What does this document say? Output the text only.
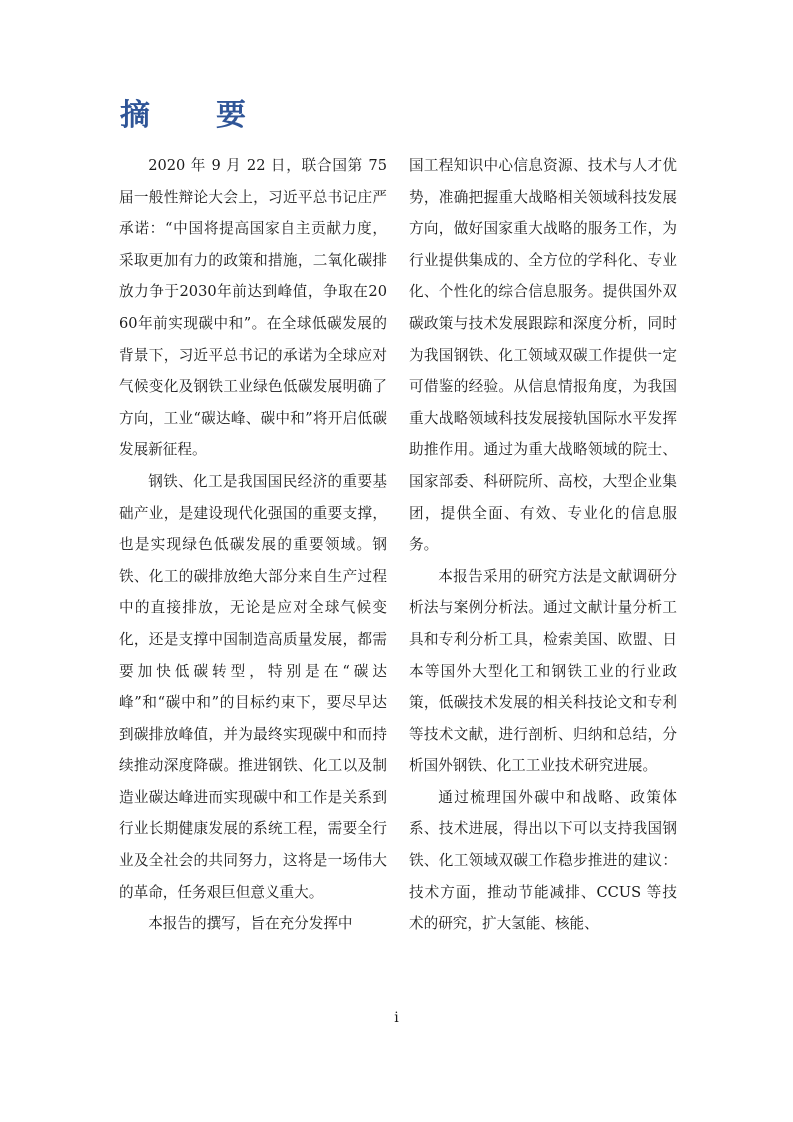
摘　要

2020 年 9 月 22 日，联合国第 75 届一般性辩论大会上，习近平总书记庄严承诺：“中国将提高国家自主贡献力度，采取更加有力的政策和措施，二氧化碳排放力争于2030年前达到峰值，争取在2060年前实现碳中和”。在全球低碳发展的背景下，习近平总书记的承诺为全球应对气候变化及钢铁工业绿色低碳发展明确了方向，工业“碳达峰、碳中和”将开启低碳发展新征程。

钢铁、化工是我国国民经济的重要基础产业，是建设现代化强国的重要支撑，也是实现绿色低碳发展的重要领域。钢铁、化工的碳排放绝大部分来自生产过程中的直接排放，无论是应对全球气候变化，还是支撑中国制造高质量发展，都需要加快低碳转型，特别是在“碳达峰”和“碳中和”的目标约束下，要尽早达到碳排放峰值，并为最终实现碳中和而持续推动深度降碳。推进钢铁、化工以及制造业碳达峰进而实现碳中和工作是关系到行业长期健康发展的系统工程，需要全行业及全社会的共同努力，这将是一场伟大的革命，任务艰巨但意义重大。

本报告的撰写，旨在充分发挥中

国工程知识中心信息资源、技术与人才优势，准确把握重大战略相关领域科技发展方向，做好国家重大战略的服务工作，为行业提供集成的、全方位的学科化、专业化、个性化的综合信息服务。提供国外双碳政策与技术发展跟踪和深度分析，同时为我国钢铁、化工领域双碳工作提供一定可借鉴的经验。从信息情报角度，为我国重大战略领域科技发展接轨国际水平发挥助推作用。通过为重大战略领域的院士、国家部委、科研院所、高校，大型企业集团，提供全面、有效、专业化的信息服务。

本报告采用的研究方法是文献调研分析法与案例分析法。通过文献计量分析工具和专利分析工具，检索美国、欧盟、日本等国外大型化工和钢铁工业的行业政策，低碳技术发展的相关科技论文和专利等技术文献，进行剖析、归纳和总结，分析国外钢铁、化工工业技术研究进展。

通过梳理国外碳中和战略、政策体系、技术进展，得出以下可以支持我国钢铁、化工领域双碳工作稳步推进的建议：技术方面，推动节能减排、CCUS 等技术的研究，扩大氢能、核能、

i
